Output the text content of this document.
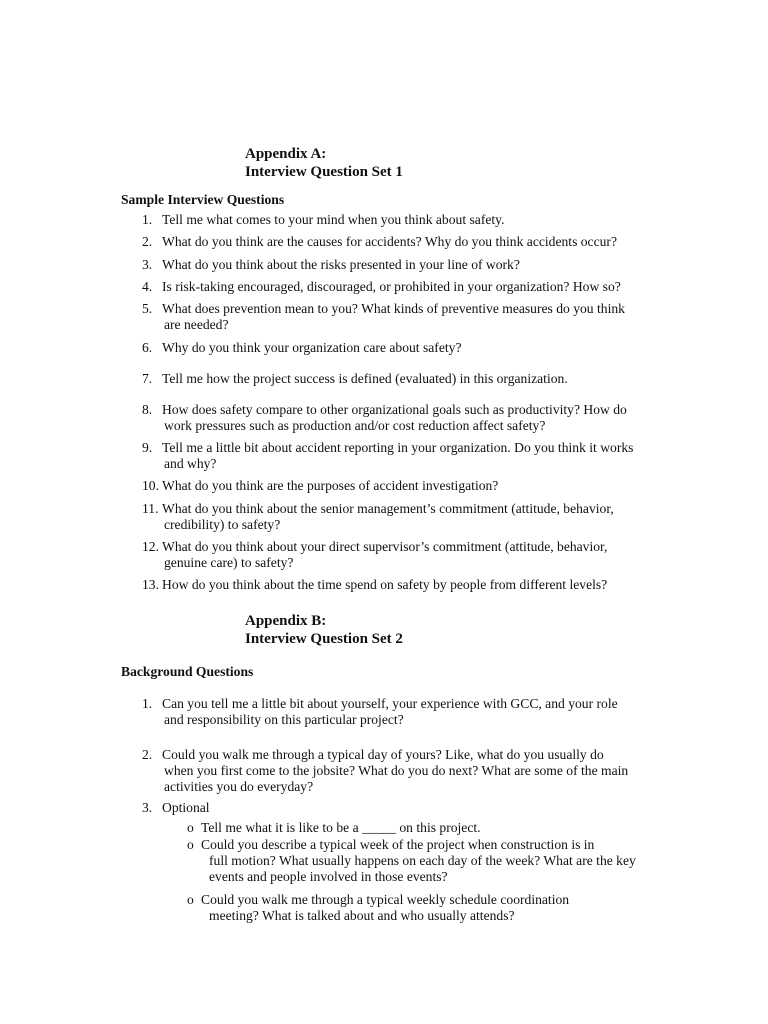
Appendix A:
Interview Question Set 1
Sample Interview Questions
1. Tell me what comes to your mind when you think about safety.
2. What do you think are the causes for accidents? Why do you think accidents occur?
3. What do you think about the risks presented in your line of work?
4. Is risk-taking encouraged, discouraged, or prohibited in your organization? How so?
5. What does prevention mean to you? What kinds of preventive measures do you think
are needed?
6. Why do you think your organization care about safety?
7. Tell me how the project success is defined (evaluated) in this organization.
8. How does safety compare to other organizational goals such as productivity? How do
work pressures such as production and/or cost reduction affect safety?
9. Tell me a little bit about accident reporting in your organization. Do you think it works
and why?
10. What do you think are the purposes of accident investigation?
11. What do you think about the senior management’s commitment (attitude, behavior,
credibility) to safety?
12. What do you think about your direct supervisor’s commitment (attitude, behavior,
genuine care) to safety?
13. How do you think about the time spend on safety by people from different levels?
Appendix B:
Interview Question Set 2
Background Questions
1. Can you tell me a little bit about yourself, your experience with GCC, and your role
and responsibility on this particular project?
2. Could you walk me through a typical day of yours? Like, what do you usually do
when you first come to the jobsite? What do you do next? What are some of the main
activities you do everyday?
3. Optional
o Tell me what it is like to be a _____ on this project.
o Could you describe a typical week of the project when construction is in
full motion? What usually happens on each day of the week? What are the key
events and people involved in those events?
o Could you walk me through a typical weekly schedule coordination
meeting? What is talked about and who usually attends?
